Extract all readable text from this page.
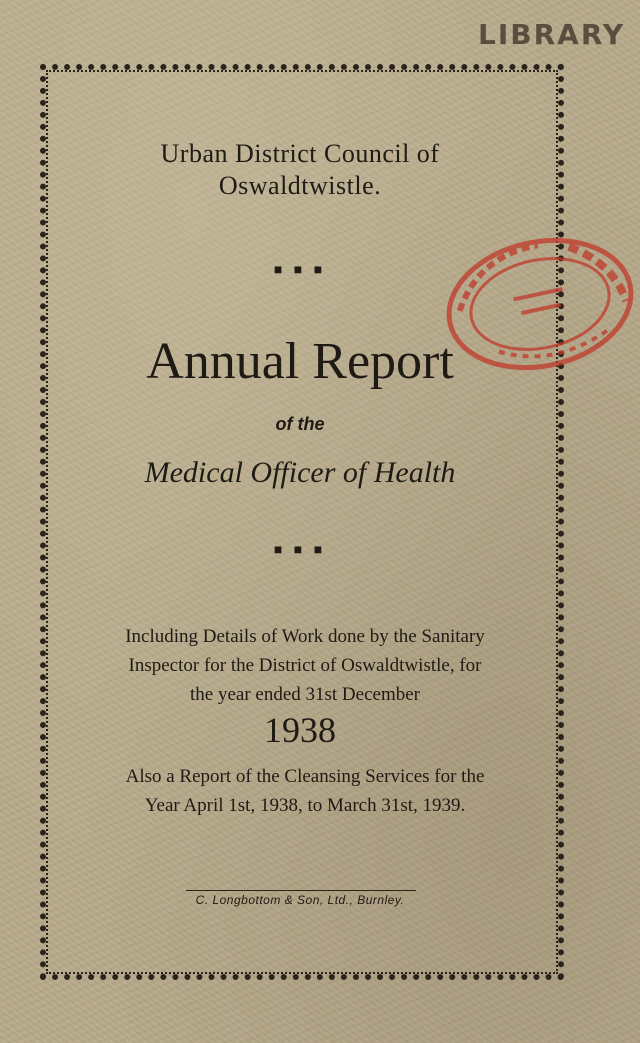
LIBRARY
Urban District Council of
Oswaldtwistle.
■ ■ ■
Annual Report
of the
Medical Officer of Health
■ ■ ■
Including Details of Work done by the Sanitary
Inspector for the District of Oswaldtwistle, for
the year ended 31st December
1938
Also a Report of the Cleansing Services for the
Year April 1st, 1938, to March 31st, 1939.
C. Longbottom & Son, Ltd., Burnley.
